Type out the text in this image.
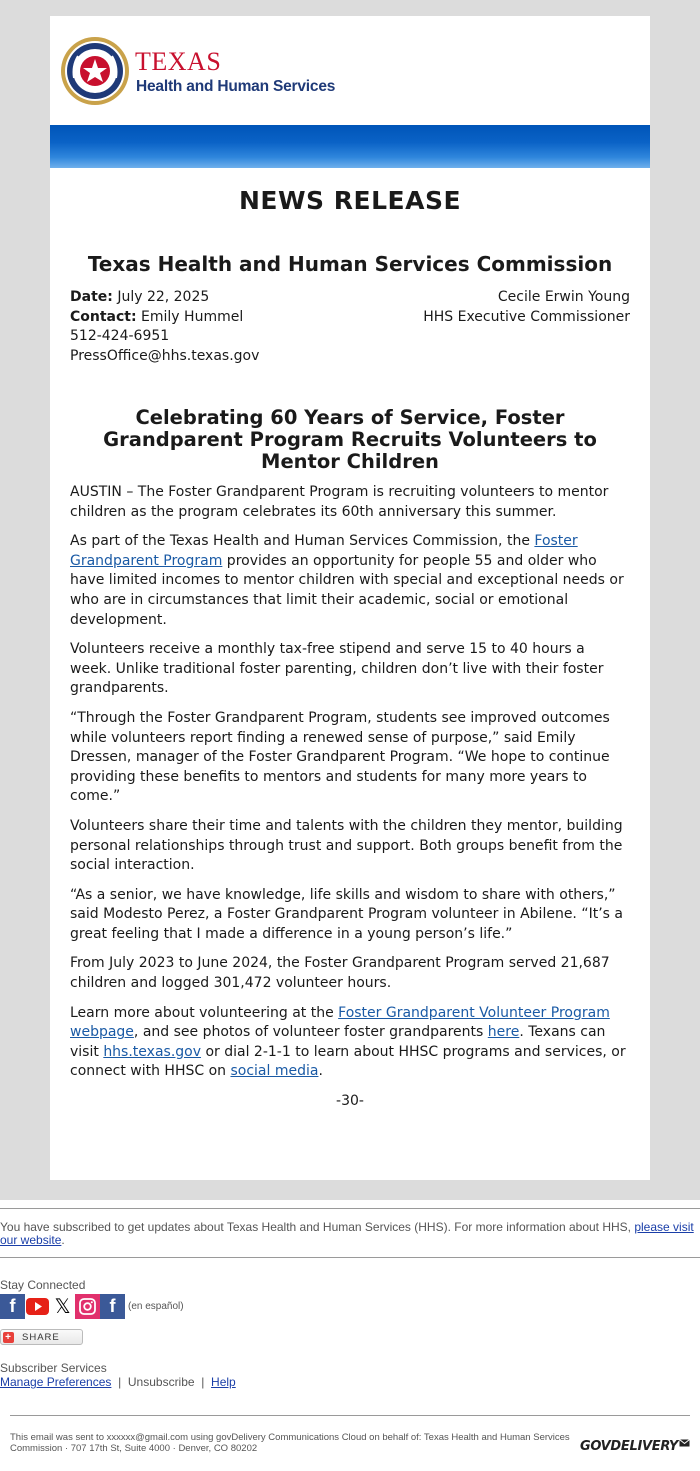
TEXAS
Health and Human Services
NEWS RELEASE
Texas Health and Human Services Commission
Date: July 22, 2025
Contact: Emily Hummel
512-424-6951
PressOffice@hhs.texas.gov
Cecile Erwin Young
HHS Executive Commissioner
Celebrating 60 Years of Service, Foster Grandparent Program Recruits Volunteers to Mentor Children

AUSTIN – The Foster Grandparent Program is recruiting volunteers to mentor children as the program celebrates its 60th anniversary this summer.

As part of the Texas Health and Human Services Commission, the Foster Grandparent Program provides an opportunity for people 55 and older who have limited incomes to mentor children with special and exceptional needs or who are in circumstances that limit their academic, social or emotional development.

Volunteers receive a monthly tax-free stipend and serve 15 to 40 hours a week. Unlike traditional foster parenting, children don’t live with their foster grandparents.

“Through the Foster Grandparent Program, students see improved outcomes while volunteers report finding a renewed sense of purpose,” said Emily Dressen, manager of the Foster Grandparent Program. “We hope to continue providing these benefits to mentors and students for many more years to come.”

Volunteers share their time and talents with the children they mentor, building personal relationships through trust and support. Both groups benefit from the social interaction.

“As a senior, we have knowledge, life skills and wisdom to share with others,” said Modesto Perez, a Foster Grandparent Program volunteer in Abilene. “It’s a great feeling that I made a difference in a young person’s life.”

From July 2023 to June 2024, the Foster Grandparent Program served 21,687 children and logged 301,472 volunteer hours.

Learn more about volunteering at the Foster Grandparent Volunteer Program webpage, and see photos of volunteer foster grandparents here. Texans can visit hhs.texas.gov or dial 2-1-1 to learn about HHSC programs and services, or connect with HHSC on social media.

-30-
You have subscribed to get updates about Texas Health and Human Services (HHS). For more information about HHS, please visit our website.
Stay Connected
f	𝕏	f	(en español)
+ SHARE
Subscriber Services
Manage Preferences | Unsubscribe | Help
This email was sent to xxxxxx@gmail.com using govDelivery Communications Cloud on behalf of: Texas Health and Human Services Commission · 707 17th St, Suite 4000 · Denver, CO 80202	GOVDELIVERY
